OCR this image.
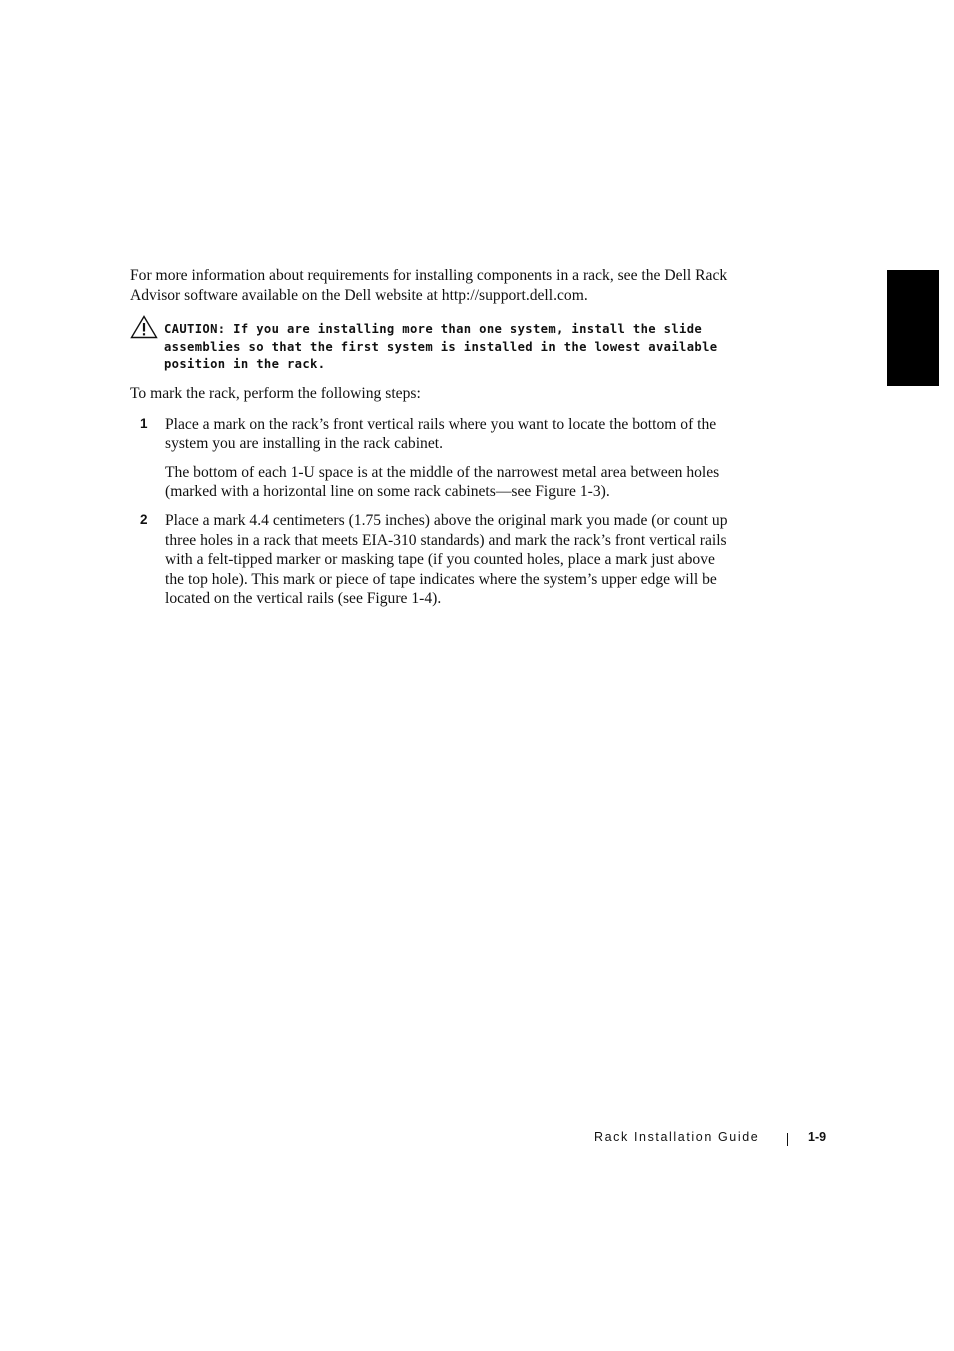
For more information about requirements for installing components in a rack, see the Dell Rack Advisor software available on the Dell website at http://support.dell.com.

CAUTION: If you are installing more than one system, install the slide assemblies so that the first system is installed in the lowest available position in the rack.

To mark the rack, perform the following steps:

1 Place a mark on the rack’s front vertical rails where you want to locate the bottom of the system you are installing in the rack cabinet.

The bottom of each 1-U space is at the middle of the narrowest metal area between holes (marked with a horizontal line on some rack cabinets—see Figure 1-3).

2 Place a mark 4.4 centimeters (1.75 inches) above the original mark you made (or count up three holes in a rack that meets EIA-310 standards) and mark the rack’s front vertical rails with a felt-tipped marker or masking tape (if you counted holes, place a mark just above the top hole). This mark or piece of tape indicates where the system’s upper edge will be located on the vertical rails (see Figure 1-4).

Rack Installation Guide	1-9
